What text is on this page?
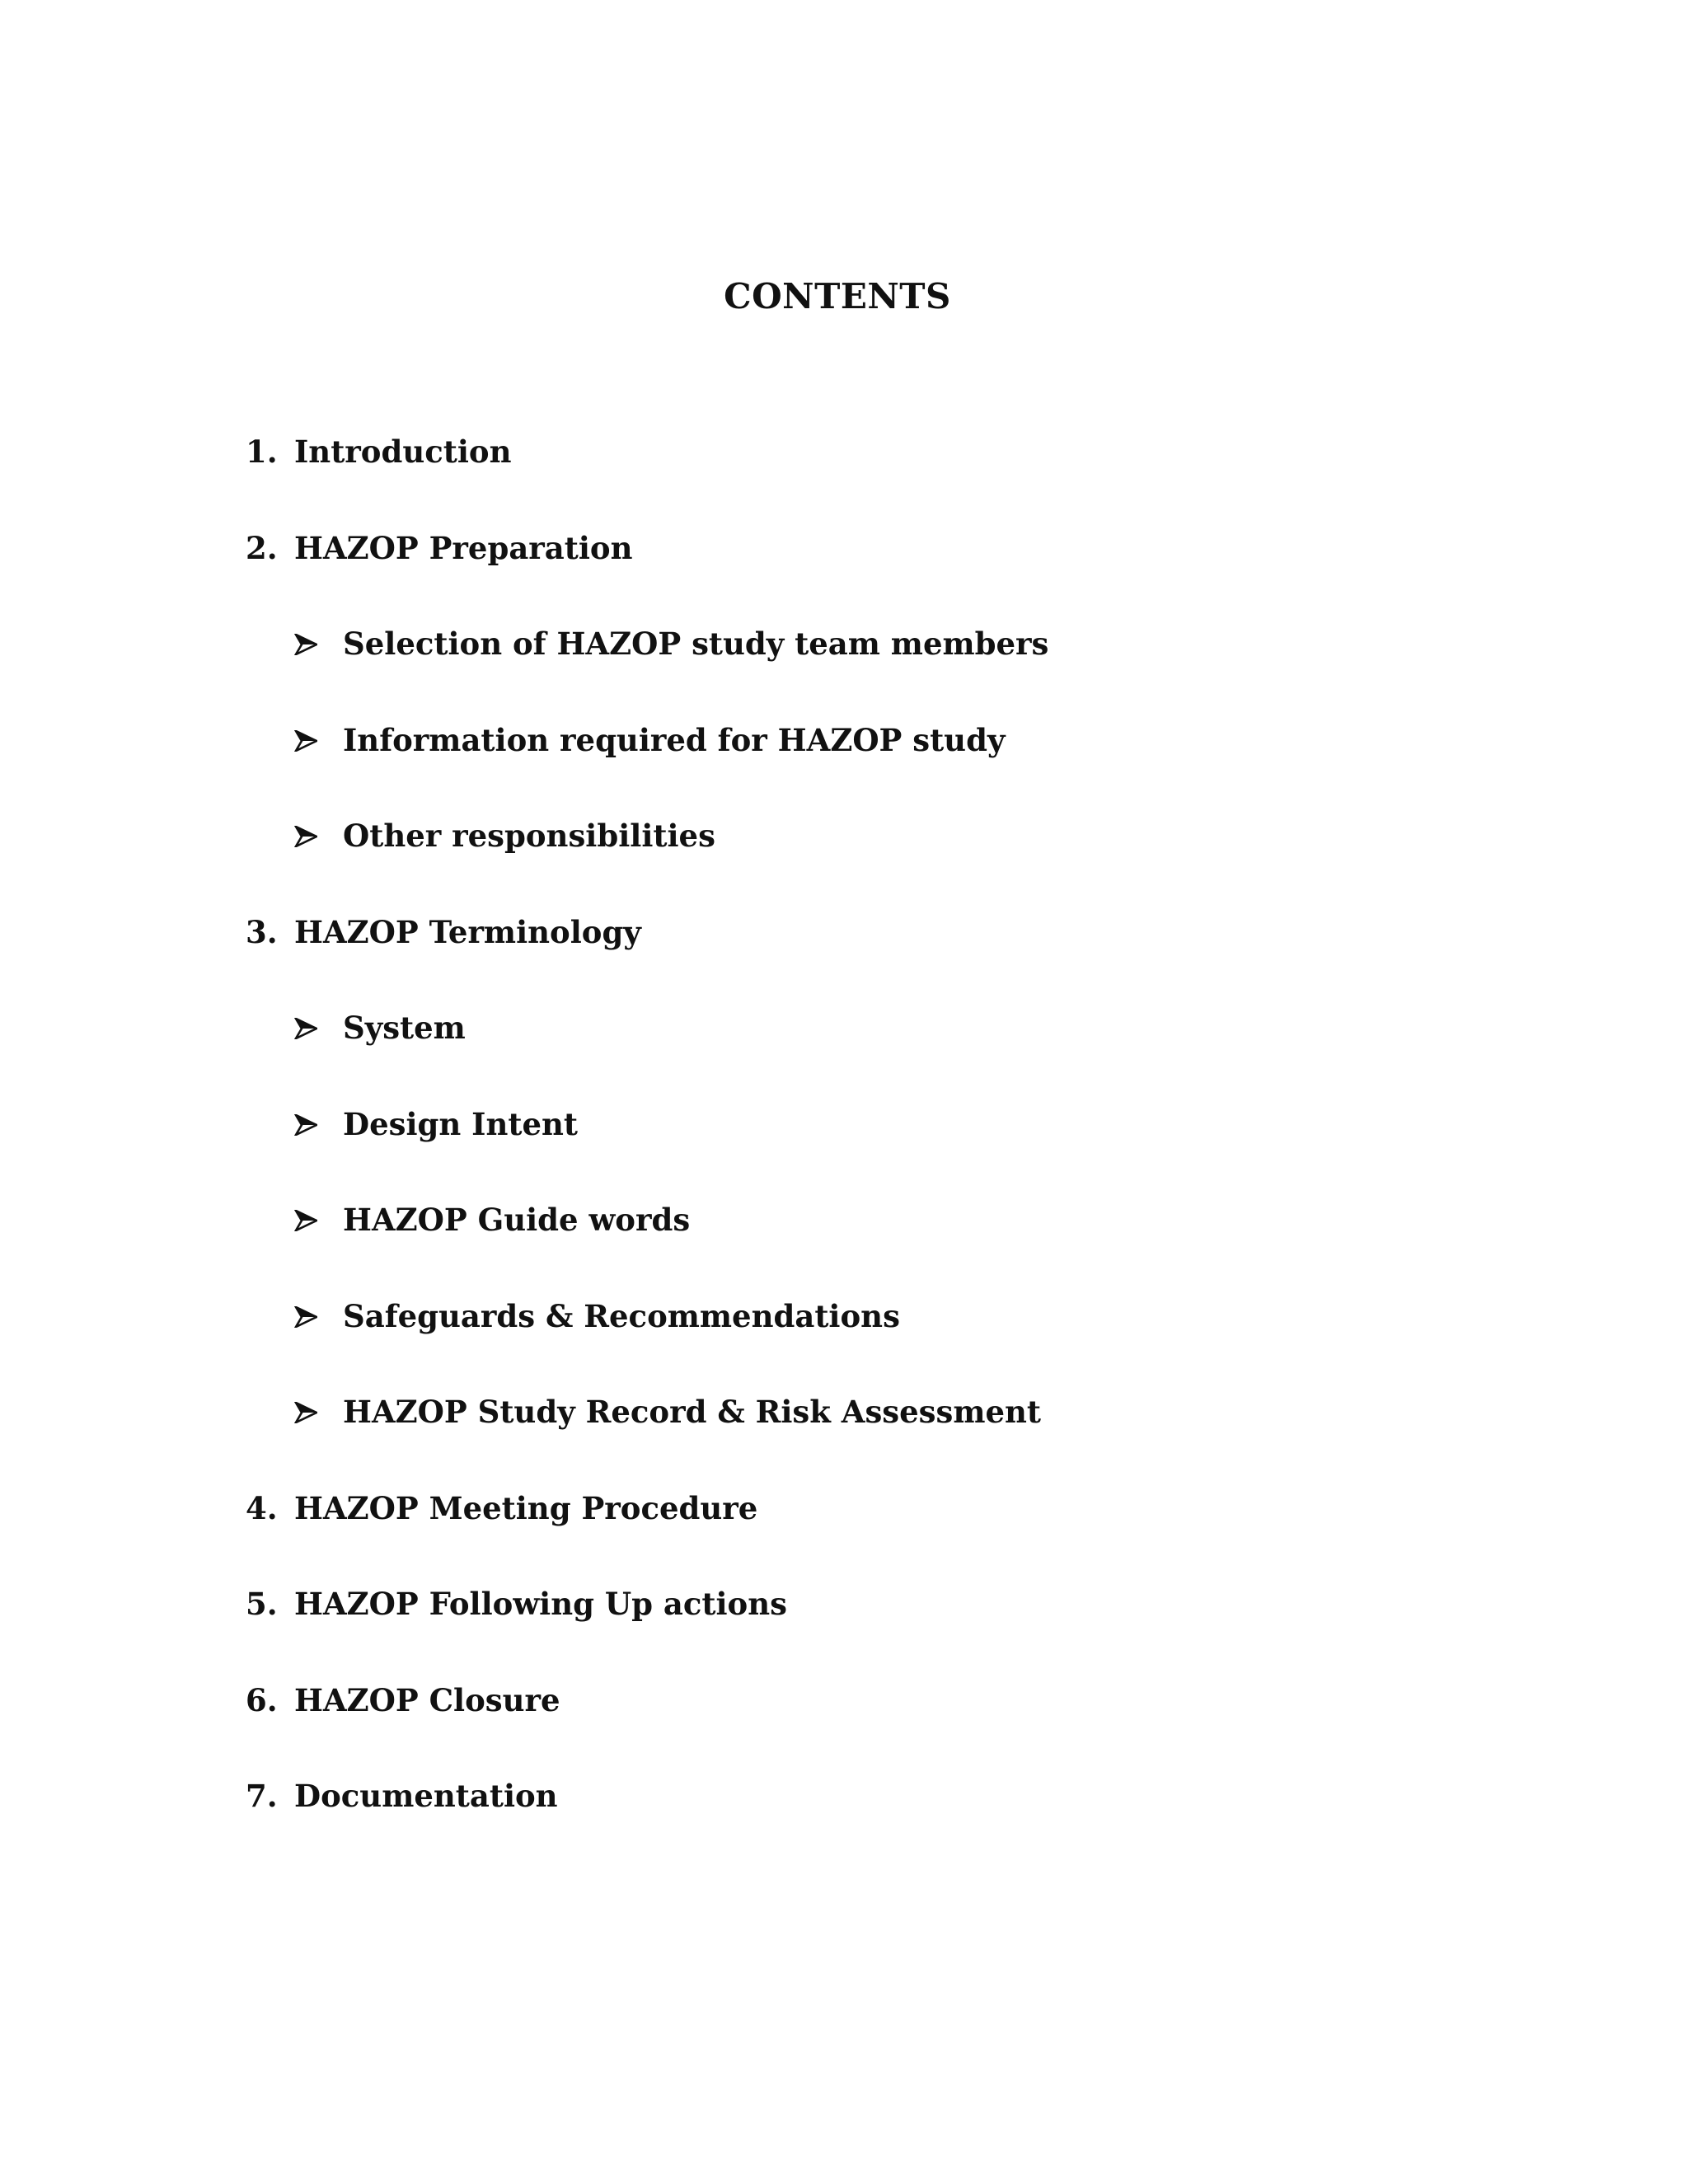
CONTENTS
1. Introduction
2. HAZOP Preparation
Selection of HAZOP study team members
Information required for HAZOP study
Other responsibilities
3. HAZOP Terminology
System
Design Intent
HAZOP Guide words
Safeguards & Recommendations
HAZOP Study Record & Risk Assessment
4. HAZOP Meeting Procedure
5. HAZOP Following Up actions
6. HAZOP Closure
7. Documentation
